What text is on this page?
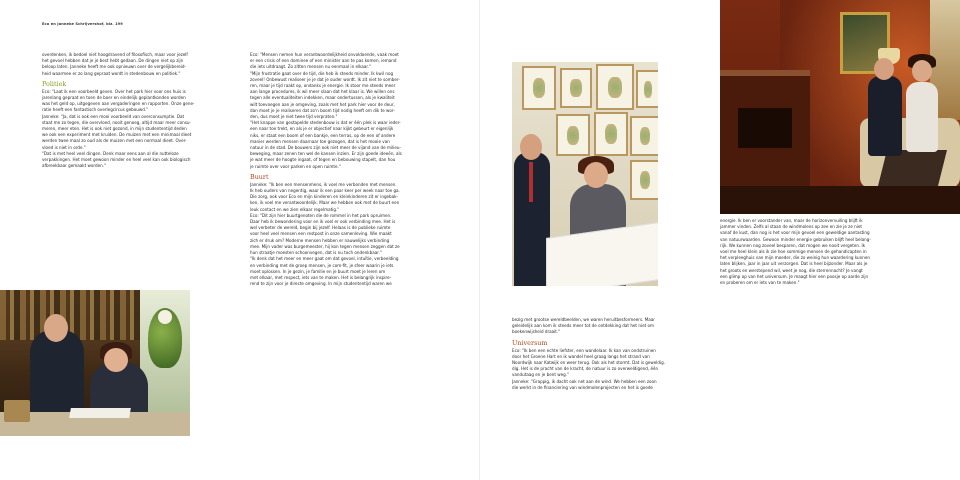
Eco en Janneke Schrijvershof, blz. 199

overdenken, ik bedoel niet hoogdravend of filosofisch, maar voor jezelf

het gevoel hebben dat je je best hebt gedaan. De dingen niet op zijn

beloop laten. Janneke heeft me ook opnieuwn over de vergelijkbereid-

heid waarmee er zo lang gepraat wordt in stedenbouw en politiek."

Politiek

Eco: "Laat ik een voorbeeld geven. Over het park hier voor ons huis is

jarenlang gepraat en toen de boer en eindelijk geplantkonden worden

was het geld op, uitgegeven aan vergaderingen en rapporten. Onze gene-

ratie heeft een fantastisch overlegcircus gebouwd."

Janneke: "Ja, dat is ook een mooi voorbeeld van overconsumptie. Dat

staat me zo tegen, die overvloed, nooit genoeg, altijd maar meer consu-

meren, meer eten. Het is ook niet gezond, in mijn studententijd deden

we ook een experiment met kruiden. De muizen met een minimaal dieet

werden twee maal zo oud als de muizen met een normaal dieet. Over-

vloed is niet in orde."

"Dat is met heel veel dingen. Denk maar eens aan al die nutteloze

verpakkingen. Het moet gewoon minder en heel veel kan ook biologisch

afbreekbaar gemaakt worden."

Eco: "Mensen nemen hun verantwoordelijkheid onvoldoende, vaak moet

er een crisis of een dominee of een minister aan te pas komen, iemand

die iets uitdraagt. Zo zitten mensen nu eenmaal in elkaar."

"Mijn frustratie gaat over de tijd, die heb ik steeds minder. Ik kwil nog

zoveel! Onbewust realiseer je je dat je ouder wordt. Ik zit niet te somber-

ren, maar je tijd raakt op, ondanks je energie. Ik stoor me steeds meer

aan lange procedures, ik wil meer slaan dat het klaar is. We willen ons

tegen alle eventualiteiten indekken, maar ondertussen, als je kwaliteit

wilt toevoegen aan je omgeving, zoals met het park hier voor de deur,

dan moet je je realiseren dat zo'n boom tijd nodig heeft om dik te wor-

den, dus moet je niet twee tijd verpraten."

"Het knappe van gestapelde stedenbouw is dat er één plek is waar ieder-

een naar toe trekt, en als je er objectief naar kijkt gebeurt er eigenlijk

niks, er staat een boom of een bankje, een terras, op de een of andere

manier werden mensen daarnaar toe gezogen, dat is het mooie van

natuur in de stad. De bouwers zijn ook niet meer de vijand van de milieu-

beweging, maar zenen ten wel de kansen inzien. Er zijn goede ideeën, als

je wat meer de hoogte ingaat, of tegen en bebouwing stapelt, dan hou

je ruimte over voor parken en open ruimte."

Buurt

Janneke: "Ik ben een mensenmens, ik voel me verbonden met mensen.

Ik heb ouders van negentig, waar ik een paar keer per week naar toe ga.

Die zorg, ook voor Eco en mijn kinderen en kleinkinderen zit er ingebak-

ken, ik voel me verantwoordelijk. Maar we hebben ook met de buurt een

leuk contact en we zien elkaar regelmatig."

Eco: "Dit zijn hier buurtgenoten die de rommel in het park opruimen.

Daar heb ik bewondering voor en ik voel er ook verbinding mee. Het is

wel verbeter de wereld, begin bij jezelf. Helaas is de publieke ruimte

voor heel veel mensen een restpost in onze samenleving. Wie maakt

zich er druk om? Moderne mensen hebben er nauwelijks verbinding

mee. Mijn vader was burgemeester, hij kon tegen mensen zeggen dat ze

hun straatje moesten schoonvegen, dat is nu toch ondenkbaar."

"Ik denk dat het meer en meer gaat om dat gevoel, intuïtie, verbeelding

en verbinding met de groep mensen, je com-fit, je sfeer waarin je iets

moet oplossen. In je gezin, je familie en je buurt moet je leren om

met elkaar, met respect, iets van te maken. Het is belangrijk inspire-

rend te zijn voor je directe omgeving. In mijn studententijd waren we

bezig met grootse wereldbeelden, we waren heruitbesformeers. Maar

geleidelijk aan kom ik steeds meer tot de ontdekking dat het niet om

boekenwijsheid draait."

Universum

Eco: "Ik ben een echte liefster, een wandelaar. Ik kan van ondstruinen

door het Groene Hart en ik wandel heel graag langs het strand van

Noordwijk naar Katwijk en weer terug. Ook als het stormt. Dat is geweldig.

dig. Het is de pracht van de kracht, de natuur is zo overweldigend, één

vandutaag en je bent weg."

Janneke: "Grappig, ik dacht ook net aan de wind. We hebben een zoon

die werkt in de financiering van windmolenprojecten en het is goede

energie. Ik ben er voorstander van, maar de horizonvervuiling blijft ik

jammer vinden. Zelfs al staan de windmolens op zee en zie je ze niet

vanaf de kust, dan nog is het voor mijn gevoel een geweldige aantasting

van natuurwaarden. Gewoon minder energie gebruiken blijft heel belang-

rijk. We kunnen nog zoveel besparen, dat mogen we nooit vergeten. Ik

voel me heel klein als ik zie hoe sommige mensen de gehandicapten in

het verpleeghuis van mijn moeder, die zo weinig hun waardering kunnen

laten blijken, jaar in jaar uit verzorgen. Dat is heel bijzonder. Maar als je

het groots en werstepend wil, weet je nog, die sterrennacht? Je vangt

een glimp op van het universum. Je maagt hier een poosje op aarde zijn

en proberen om er iets van te maken."
